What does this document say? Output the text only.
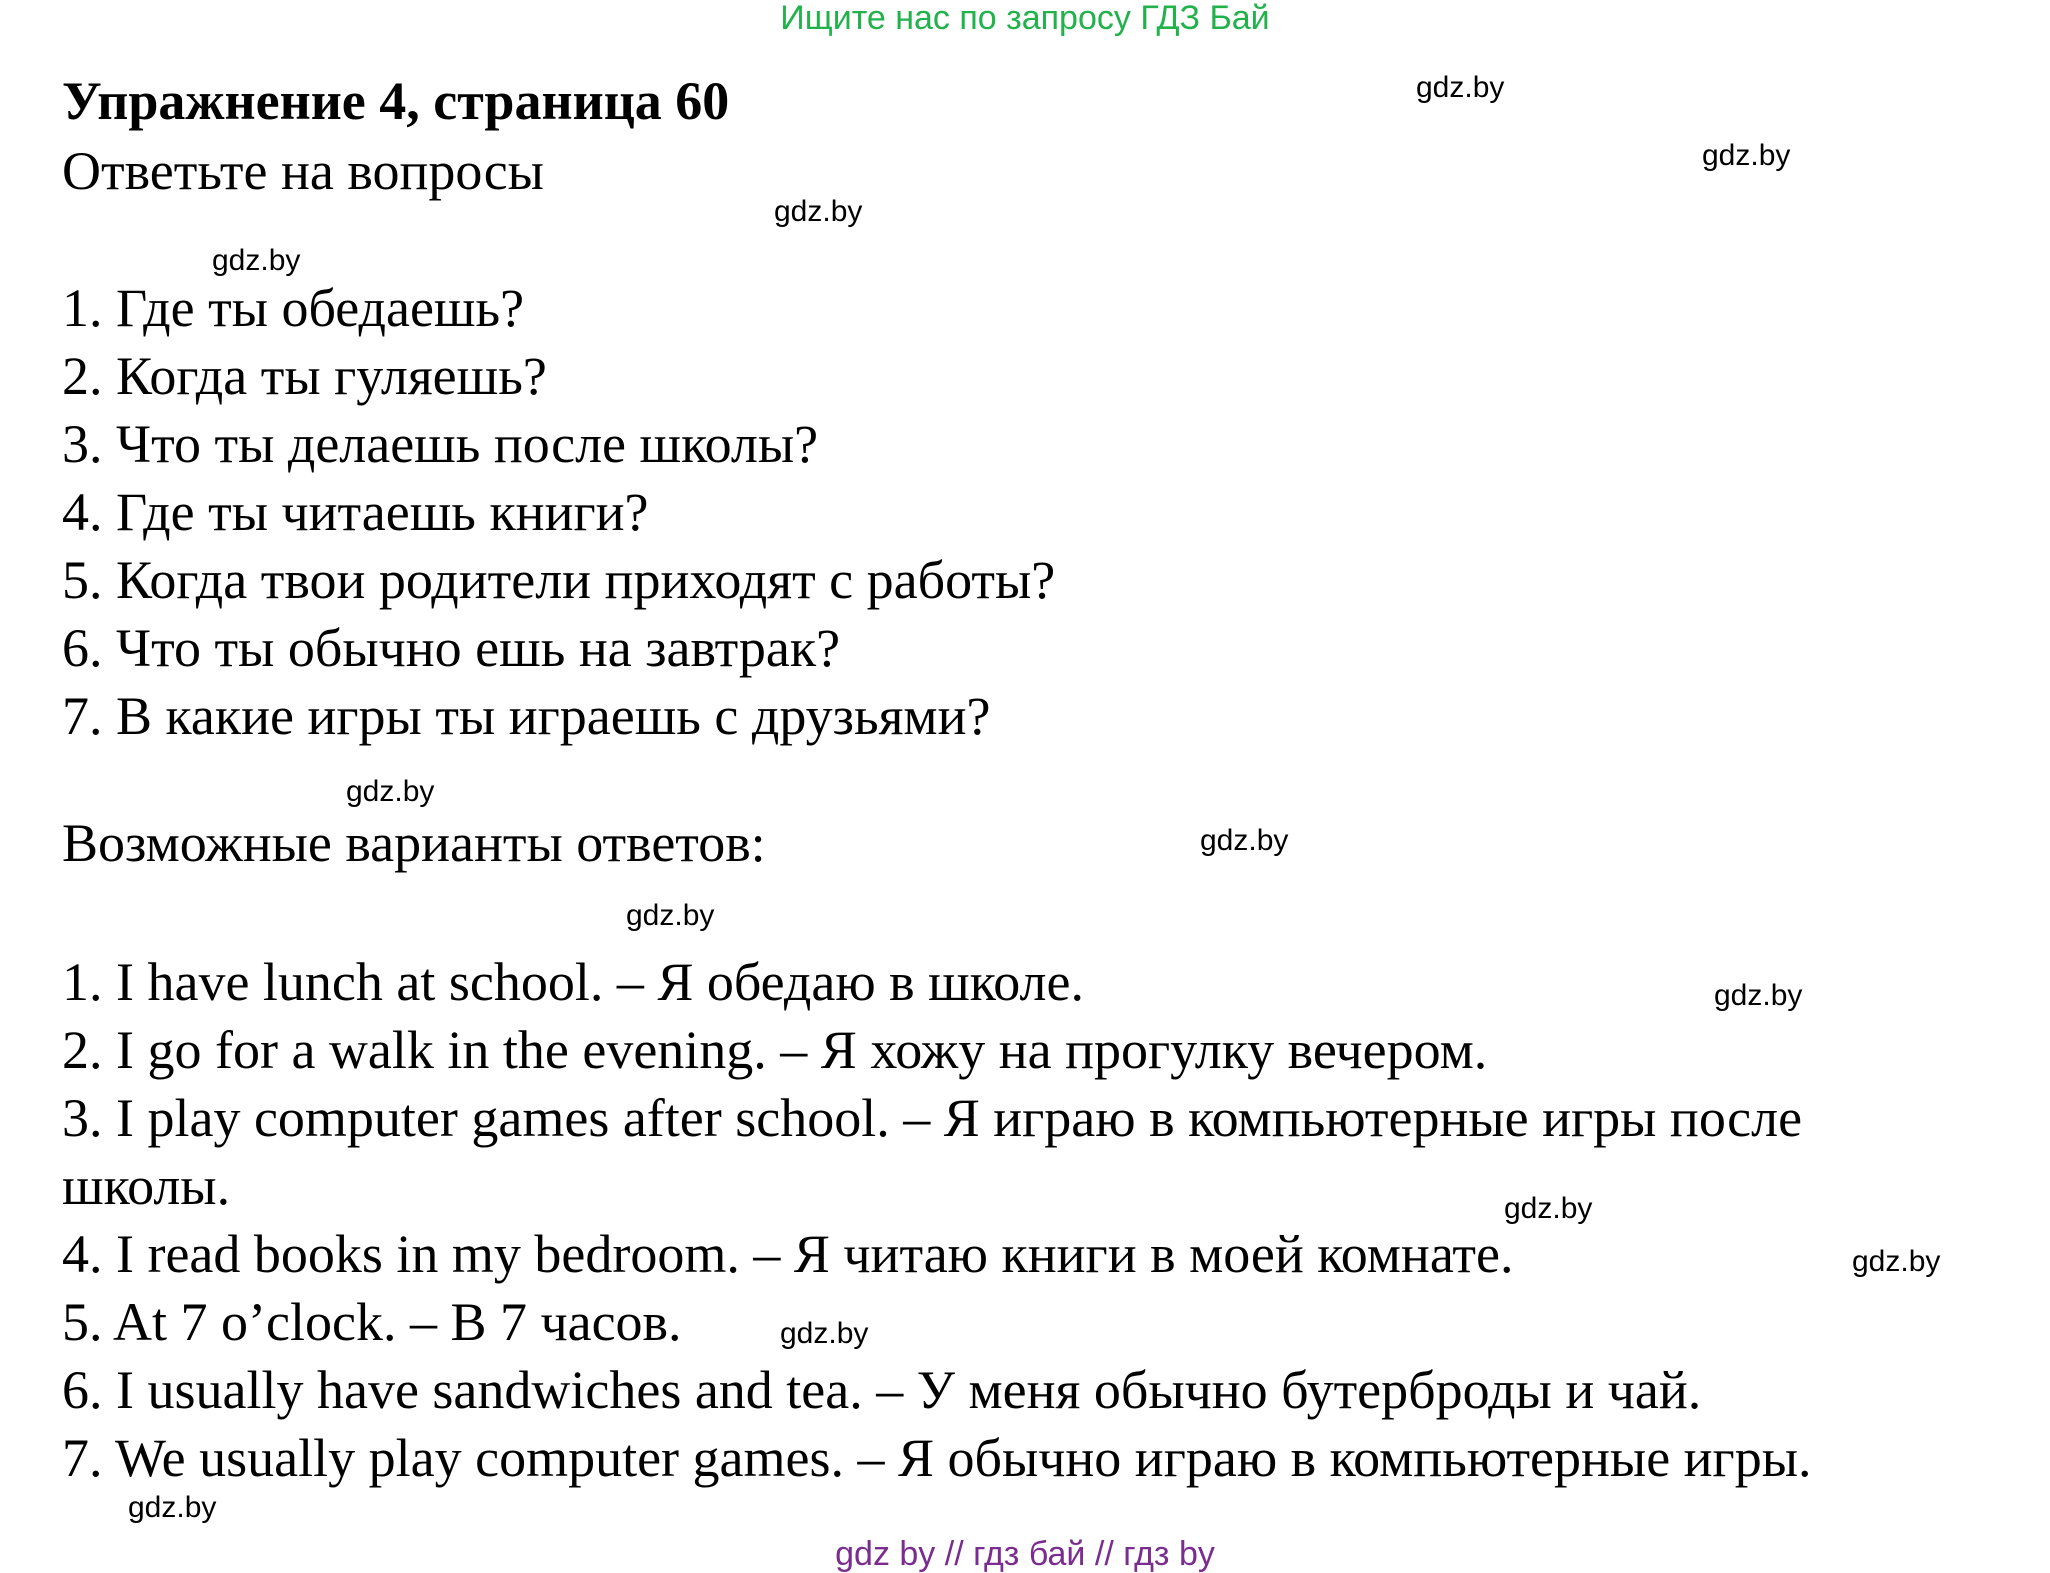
Ищите нас по запросу ГДЗ Бай
Упражнение 4, страница 60

Ответьте на вопросы

1. Где ты обедаешь?
2. Когда ты гуляешь?
3. Что ты делаешь после школы?
4. Где ты читаешь книги?
5. Когда твои родители приходят с работы?
6. Что ты обычно ешь на завтрак?
7. В какие игры ты играешь с друзьями?

Возможные варианты ответов:

1. I have lunch at school. – Я обедаю в школе.
2. I go for a walk in the evening. – Я хожу на прогулку вечером.
3. I play computer games after school. – Я играю в компьютерные игры после школы.
4. I read books in my bedroom. – Я читаю книги в моей комнате.
5. At 7 o’clock. – В 7 часов.
6. I usually have sandwiches and tea. – У меня обычно бутерброды и чай.
7. We usually play computer games. – Я обычно играю в компьютерные игры.
gdz.by
gdz.by
gdz.by
gdz.by
gdz.by
gdz.by
gdz.by
gdz.by
gdz.by
gdz.by
gdz.by
gdz.by
gdz by // гдз бай // гдз by
